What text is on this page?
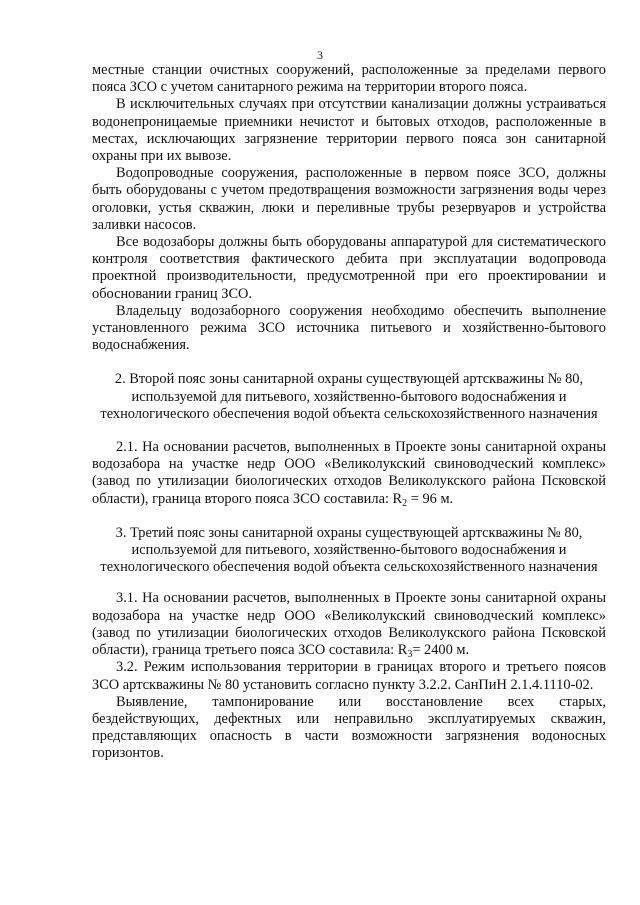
3

местные станции очистных сооружений, расположенные за пределами первого пояса ЗСО с учетом санитарного режима на территории второго пояса.

В исключительных случаях при отсутствии канализации должны устраиваться водонепроницаемые приемники нечистот и бытовых отходов, расположенные в местах, исключающих загрязнение территории первого пояса зон санитарной охраны при их вывозе.

Водопроводные сооружения, расположенные в первом поясе ЗСО, должны быть оборудованы с учетом предотвращения возможности загрязнения воды через оголовки, устья скважин, люки и переливные трубы резервуаров и устройства заливки насосов.

Все водозаборы должны быть оборудованы аппаратурой для систематического контроля соответствия фактического дебита при эксплуатации водопровода проектной производительности, предусмотренной при его проектировании и обосновании границ ЗСО.

Владельцу водозаборного сооружения необходимо обеспечить выполнение установленного режима ЗСО источника питьевого и хозяйственно-бытового водоснабжения.

2. Второй пояс зоны санитарной охраны существующей артскважины № 80, используемой для питьевого, хозяйственно-бытового водоснабжения и технологического обеспечения водой объекта сельскохозяйственного назначения

2.1. На основании расчетов, выполненных в Проекте зоны санитарной охраны водозабора на участке недр ООО «Великолукский свиноводческий комплекс» (завод по утилизации биологических отходов Великолукского района Псковской области), граница второго пояса ЗСО составила: $R_2 = 96$ м.

3. Третий пояс зоны санитарной охраны существующей артскважины № 80, используемой для питьевого, хозяйственно-бытового водоснабжения и технологического обеспечения водой объекта сельскохозяйственного назначения

3.1. На основании расчетов, выполненных в Проекте зоны санитарной охраны водозабора на участке недр ООО «Великолукский свиноводческий комплекс» (завод по утилизации биологических отходов Великолукского района Псковской области), граница третьего пояса ЗСО составила: $R_3= 2400$ м.

3.2. Режим использования территории в границах второго и третьего поясов ЗСО артскважины № 80 установить согласно пункту 3.2.2. СанПиН 2.1.4.1110-02.

Выявление, тампонирование или восстановление всех старых, бездействующих, дефектных или неправильно эксплуатируемых скважин, представляющих опасность в части возможности загрязнения водоносных горизонтов.
